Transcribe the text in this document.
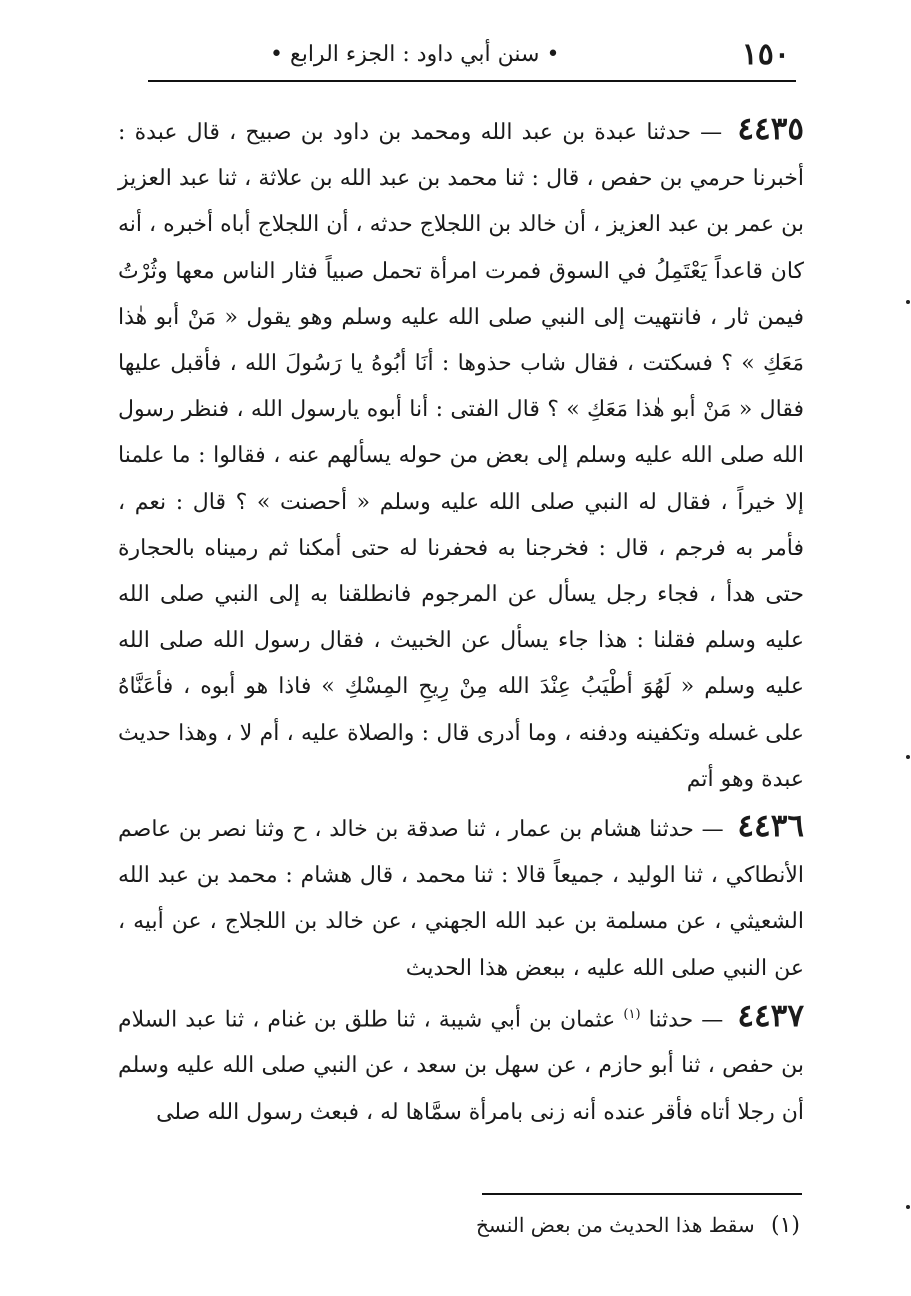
١٥٠
• سنن أبي داود : الجزء الرابع •

٤٤٣٥ — حدثنا عبدة بن عبد الله ومحمد بن داود بن صبيح ، قال عبدة : أخبرنا حرمي بن حفص ، قال : ثنا محمد بن عبد الله بن علاثة ، ثنا عبد العزيز بن عمر بن عبد العزيز ، أن خالد بن اللجلاج حدثه ، أن اللجلاج أباه أخبره ، أنه كان قاعداً يَعْتَمِلُ في السوق فمرت امرأة تحمل صبياً فثار الناس معها وثُرْتُ فيمن ثار ، فانتهيت إلى النبي صلى الله عليه وسلم وهو يقول « مَنْ أبو هٰذا مَعَكِ » ؟ فسكتت ، فقال شاب حذوها : أنَا أبُوهُ يا رَسُولَ الله ، فأقبل عليها فقال « مَنْ أبو هٰذا مَعَكِ » ؟ قال الفتى : أنا أبوه يارسول الله ، فنظر رسول الله صلى الله عليه وسلم إلى بعض من حوله يسألهم عنه ، فقالوا : ما علمنا إلا خيراً ، فقال له النبي صلى الله عليه وسلم « أحصنت » ؟ قال : نعم ، فأمر به فرجم ، قال : فخرجنا به فحفرنا له حتى أمكنا ثم رميناه بالحجارة حتى هدأ ، فجاء رجل يسأل عن المرجوم فانطلقنا به إلى النبي صلى الله عليه وسلم فقلنا : هذا جاء يسأل عن الخبيث ، فقال رسول الله صلى الله عليه وسلم « لَهُوَ أطْيَبُ عِنْدَ الله مِنْ رِيحِ المِسْكِ » فاذا هو أبوه ، فأعَنَّاهُ على غسله وتكفينه ودفنه ، وما أدرى قال : والصلاة عليه ، أم لا ، وهذا حديث عبدة وهو أتم

٤٤٣٦ — حدثنا هشام بن عمار ، ثنا صدقة بن خالد ، ح وثنا نصر بن عاصم الأنطاكي ، ثنا الوليد ، جميعاً قالا : ثنا محمد ، قال هشام : محمد بن عبد الله الشعيثي ، عن مسلمة بن عبد الله الجهني ، عن خالد بن اللجلاج ، عن أبيه ، عن النبي صلى الله عليه ، ببعض هذا الحديث

٤٤٣٧ — حدثنا $^{(١)}$ عثمان بن أبي شيبة ، ثنا طلق بن غنام ، ثنا عبد السلام بن حفص ، ثنا أبو حازم ، عن سهل بن سعد ، عن النبي صلى الله عليه وسلم أن رجلا أتاه فأقر عنده أنه زنى بامرأة سمَّاها له ، فبعث رسول الله صلى

(١) سقط هذا الحديث من بعض النسخ
